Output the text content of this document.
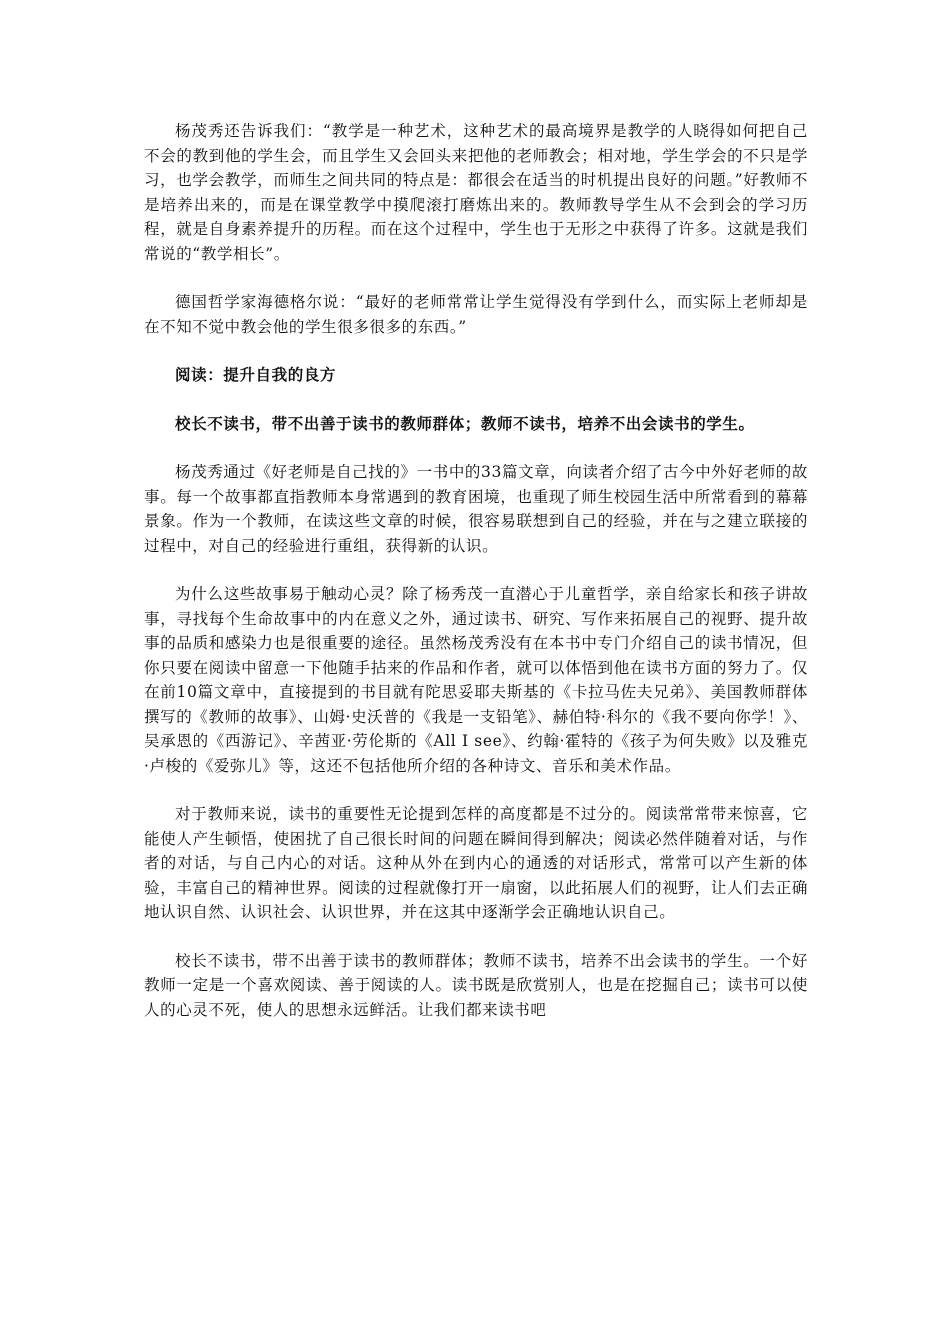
杨茂秀还告诉我们：“教学是一种艺术，这种艺术的最高境界是教学的人晓得如何把自己不会的教到他的学生会，而且学生又会回头来把他的老师教会；相对地，学生学会的不只是学习，也学会教学，而师生之间共同的特点是：都很会在适当的时机提出良好的问题。”好教师不是培养出来的，而是在课堂教学中摸爬滚打磨炼出来的。教师教导学生从不会到会的学习历程，就是自身素养提升的历程。而在这个过程中，学生也于无形之中获得了许多。这就是我们常说的“教学相长”。

德国哲学家海德格尔说：“最好的老师常常让学生觉得没有学到什么，而实际上老师却是在不知不觉中教会他的学生很多很多的东西。”

阅读：提升自我的良方

校长不读书，带不出善于读书的教师群体；教师不读书，培养不出会读书的学生。

杨茂秀通过《好老师是自己找的》一书中的33篇文章，向读者介绍了古今中外好老师的故事。每一个故事都直指教师本身常遇到的教育困境，也重现了师生校园生活中所常看到的幕幕景象。作为一个教师，在读这些文章的时候，很容易联想到自己的经验，并在与之建立联接的过程中，对自己的经验进行重组，获得新的认识。

为什么这些故事易于触动心灵？除了杨秀茂一直潜心于儿童哲学，亲自给家长和孩子讲故事，寻找每个生命故事中的内在意义之外，通过读书、研究、写作来拓展自己的视野、提升故事的品质和感染力也是很重要的途径。虽然杨茂秀没有在本书中专门介绍自己的读书情况，但你只要在阅读中留意一下他随手拈来的作品和作者，就可以体悟到他在读书方面的努力了。仅在前10篇文章中，直接提到的书目就有陀思妥耶夫斯基的《卡拉马佐夫兄弟》、美国教师群体撰写的《教师的故事》、山姆·史沃普的《我是一支铅笔》、赫伯特·科尔的《我不要向你学！》、吴承恩的《西游记》、辛茜亚·劳伦斯的《All I see》、约翰·霍特的《孩子为何失败》以及雅克·卢梭的《爱弥儿》等，这还不包括他所介绍的各种诗文、音乐和美术作品。

对于教师来说，读书的重要性无论提到怎样的高度都是不过分的。阅读常常带来惊喜，它能使人产生顿悟，使困扰了自己很长时间的问题在瞬间得到解决；阅读必然伴随着对话，与作者的对话，与自己内心的对话。这种从外在到内心的通透的对话形式，常常可以产生新的体验，丰富自己的精神世界。阅读的过程就像打开一扇窗，以此拓展人们的视野，让人们去正确地认识自然、认识社会、认识世界，并在这其中逐渐学会正确地认识自己。

校长不读书，带不出善于读书的教师群体；教师不读书，培养不出会读书的学生。一个好教师一定是一个喜欢阅读、善于阅读的人。读书既是欣赏别人，也是在挖掘自己；读书可以使人的心灵不死，使人的思想永远鲜活。让我们都来读书吧
